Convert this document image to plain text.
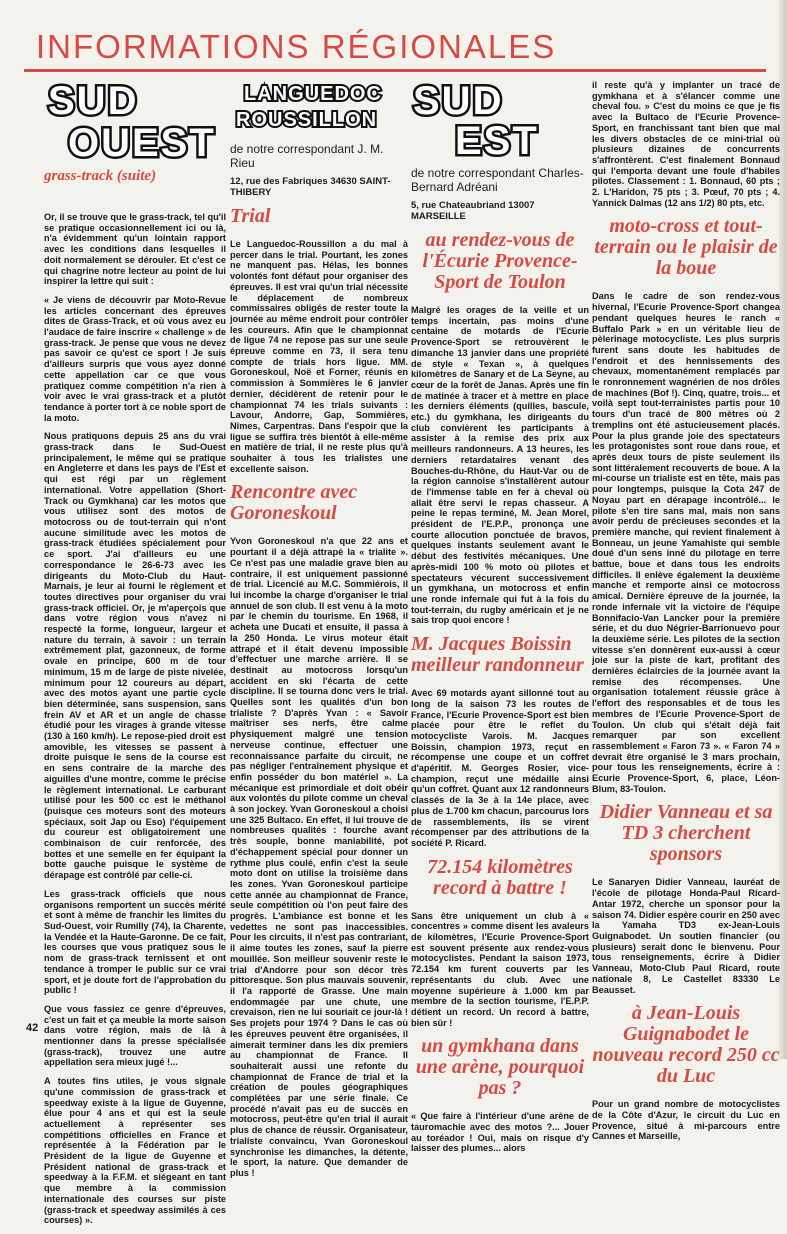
INFORMATIONS RÉGIONALES
SUD
OUEST
grass-track (suite)

Or, il se trouve que le grass-track, tel qu'il se pratique occasionnellement ici ou là, n'a évidemment qu'un lointain rapport avec les conditions dans lesquelles il doit normalement se dérouler. Et c'est ce qui chagrine notre lecteur au point de lui inspirer la lettre qui suit :

« Je viens de découvrir par Moto-Revue les articles concernant des épreuves dites de Grass-Track, et où vous avez eu l'audace de faire inscrire « challenge » de grass-track. Je pense que vous ne devez pas savoir ce qu'est ce sport ! Je suis d'ailleurs surpris que vous ayez donné cette appellation car ce que vous pratiquez comme compétition n'a rien à voir avec le vrai grass-track et a plutôt tendance à porter tort à ce noble sport de la moto.

Nous pratiquons depuis 25 ans du vrai grass-track dans le Sud-Ouest principalement, le même qui se pratique en Angleterre et dans les pays de l'Est et qui est régi par un règlement international. Votre appellation (Short-Track ou Gymkhana) car les motos que vous utilisez sont des motos de motocross ou de tout-terrain qui n'ont aucune similitude avec les motos de grass-track étudiées spécialement pour ce sport. J'ai d'ailleurs eu une correspondance le 26-6-73 avec les dirigeants du Moto-Club du Haut-Marnais, je leur ai fourni le règlement et toutes directives pour organiser du vrai grass-track officiel. Or, je m'aperçois que dans votre région vous n'avez ni respecté la forme, longueur, largeur et nature du terrain, à savoir : un terrain extrêmement plat, gazonneux, de forme ovale en principe, 600 m de tour minimum, 15 m de large de piste nivelée, minimum pour 12 coureurs au départ, avec des motos ayant une partie cycle bien déterminée, sans suspension, sans frein AV et AR et un angle de chasse étudié pour les virages à grande vitesse (130 à 160 km/h). Le repose-pied droit est amovible, les vitesses se passent à droite puisque le sens de la course est en sens contraire de la marche des aiguilles d'une montre, comme le précise le règlement international. Le carburant utilisé pour les 500 cc est le méthanol (puisque ces moteurs sont des moteurs spéciaux, soit Jap ou Eso) l'équipement du coureur est obligatoirement une combinaison de cuir renforcée, des bottes et une semelle en fer équipant la botte gauche puisque le système de dérapage est contrôlé par celle-ci.

Les grass-track officiels que nous organisons remportent un succès mérité et sont à même de franchir les limites du Sud-Ouest, voir Rumilly (74), la Charente, la Vendée et la Haute-Garonne. De ce fait, les courses que vous pratiquez sous le nom de grass-track ternissent et ont tendance à tromper le public sur ce vrai sport, et je doute fort de l'approbation du public !

Que vous fassiez ce genre d'épreuves, c'est un fait et ça meuble la morte saison dans votre région, mais de là à mentionner dans la presse spécialisée (grass-track), trouvez une autre appellation sera mieux jugé !...

A toutes fins utiles, je vous signale qu'une commission de grass-track et speedway existe à la ligue de Guyenne, élue pour 4 ans et qui est la seule actuellement à représenter ses compétitions officielles en France et représentée à la Fédération par le Président de la ligue de Guyenne et Président national de grass-track et speedway à la F.F.M. et siégeant en tant que membre à la commission internationale des courses sur piste (grass-track et speedway assimilés à ces courses) ».

LANGUEDOC
ROUSSILLON
de notre correspondant J. M. Rieu
12, rue des Fabriques 34630 SAINT-THIBERY
Trial

Le Languedoc-Roussillon a du mal à percer dans le trial. Pourtant, les zones ne manquent pas. Hélas, les bonnes volontés font défaut pour organiser des épreuves. Il est vrai qu'un trial nécessite le déplacement de nombreux commissaires obligés de rester toute la journée au même endroit pour contrôler les coureurs. Afin que le championnat de ligue 74 ne repose pas sur une seule épreuve comme en 73, il sera tenu compte de trials hors ligue. MM. Goroneskoul, Noë et Forner, réunis en commission à Sommières le 6 janvier dernier, décidèrent de retenir pour le championnat 74 les trials suivants : Lavour, Andorre, Gap, Sommières, Nîmes, Carpentras. Dans l'espoir que la ligue se suffira très bientôt à elle-même en matière de trial, il ne reste plus qu'à souhaiter à tous les trialistes une excellente saison.

Rencontre avec Goroneskoul

Yvon Goroneskoul n'a que 22 ans et pourtant il a déjà attrapé la « trialite ». Ce n'est pas une maladie grave bien au contraire, il est uniquement passionné de trial. Licencié au M.C. Sommiérois, il lui incombe la charge d'organiser le trial annuel de son club. Il est venu à la moto par le chemin du tourisme. En 1968, il acheta une Ducati et ensuite, il passa à la 250 Honda. Le virus moteur était attrapé et il était devenu impossible d'effectuer une marche arrière. Il se destinait au motocross lorsqu'un accident en ski l'écarta de cette discipline. Il se tourna donc vers le trial. Quelles sont les qualités d'un bon trialiste ? D'après Yvan : « Savoir maîtriser ses nerfs, être calme physiquement malgré une tension nerveuse continue, effectuer une reconnaissance parfaite du circuit, ne pas négliger l'entraînement physique et enfin posséder du bon matériel ». La mécanique est primordiale et doit obéir aux volontés du pilote comme un cheval à son jockey. Yvan Goroneskoul a choisi une 325 Bultaco. En effet, il lui trouve de nombreuses qualités : fourche avant très souple, bonne maniabilité, pot d'échappement spécial pour donner un rythme plus coulé, enfin c'est la seule moto dont on utilise la troisième dans les zones. Yvan Goroneskoul participe cette année au championnat de France, seule compétition où l'on peut faire des progrès. L'ambiance est bonne et les vedettes ne sont pas inaccessibles. Pour les circuits, il n'est pas contrariant, il aime toutes les zones, sauf la pierre mouillée. Son meilleur souvenir reste le trial d'Andorre pour son décor très pittoresque. Son plus mauvais souvenir, il l'a rapporté de Grasse. Une main endommagée par une chute, une crevaison, rien ne lui souriait ce jour-là ! Ses projets pour 1974 ? Dans le cas où les épreuves peuvent être organisées, il aimerait terminer dans les dix premiers au championnat de France. Il souhaiterait aussi une refonte du championnat de France de trial et la création de poules géographiques complétées par une série finale. Ce procédé n'avait pas eu de succès en motocross, peut-être qu'en trial il aurait plus de chance de réussir. Organisateur, trialiste convaincu, Yvan Goroneskoul synchronise les dimanches, la détente, le sport, la nature. Que demander de plus !

SUD
EST
de notre correspondant Charles-Bernard Adréani
5, rue Chateaubriand 13007 MARSEILLE
au rendez-vous de l'Écurie Provence-Sport de Toulon

Malgré les orages de la veille et un temps incertain, pas moins d'une centaine de motards de l'Ecurie Provence-Sport se retrouvèrent le dimanche 13 janvier dans une propriété de style « Texan », à quelques kilomètres de Sanary et de La Seyne, au cœur de la forêt de Janas. Après une fin de matinée à tracer et à mettre en place les derniers éléments (quilles, bascule, etc.) du gymkhana, les dirigeants du club convièrent les participants à assister à la remise des prix aux meilleurs randonneurs. A 13 heures, les derniers retardataires venant des Bouches-du-Rhône, du Haut-Var ou de la région cannoise s'installèrent autour de l'immense table en fer à cheval où allait être servi le repas chasseur. A peine le repas terminé, M. Jean Morel, président de l'E.P.P., prononça une courte allocution ponctuée de bravos, quelques instants seulement avant le début des festivités mécaniques. Une après-midi 100 % moto où pilotes et spectateurs vécurent successivement un gymkhana, un motocross et enfin une ronde infernale qui fut à la fois du tout-terrain, du rugby américain et je ne sais trop quoi encore !

M. Jacques Boissin meilleur randonneur

Avec 69 motards ayant sillonné tout au long de la saison 73 les routes de France, l'Ecurie Provence-Sport est bien placée pour être le reflet du motocycliste Varois. M. Jacques Boissin, champion 1973, reçut en récompense une coupe et un coffret d'apéritif. M. Georges Rosier, vice-champion, reçut une médaille ainsi qu'un coffret. Quant aux 12 randonneurs classés de la 3e à la 14e place, avec plus de 1.700 km chacun, parcourus lors de rassemblements, ils se virent récompenser par des attributions de la société P. Ricard.

72.154 kilomètres record à battre !

Sans être uniquement un club à « concentres » comme disent les avaleurs de kilomètres, l'Ecurie Provence-Sport est souvent présente aux rendez-vous motocyclistes. Pendant la saison 1973, 72.154 km furent couverts par les représentants du club. Avec une moyenne supérieure à 1.000 km par membre de la section tourisme, l'E.P.P. détient un record. Un record à battre, bien sûr !

un gymkhana dans une arène, pourquoi pas ?

« Que faire à l'intérieur d'une arène de tauromachie avec des motos ?... Jouer au toréador ! Oui, mais on risque d'y laisser des plumes... alors

il reste qu'à y implanter un tracé de gymkhana et à s'élancer comme une cheval fou. » C'est du moins ce que je fis avec la Bultaco de l'Ecurie Provence-Sport, en franchissant tant bien que mal les divers obstacles de ce mini-trial où plusieurs dizaines de concurrents s'affrontèrent. C'est finalement Bonnaud qui l'emporta devant une foule d'habiles pilotes. Classement : 1. Bonnaud, 60 pts ; 2. L'Haridon, 75 pts ; 3. Pœuf, 70 pts ; 4. Yannick Dalmas (12 ans 1/2) 80 pts, etc.

moto-cross et tout-terrain ou le plaisir de la boue

Dans le cadre de son rendez-vous hivernal, l'Ecurie Provence-Sport changea pendant quelques heures le ranch « Buffalo Park » en un véritable lieu de pèlerinage motocycliste. Les plus surpris furent sans doute les habitudes de l'endroit et des hennissements des chevaux, momentanément remplacés par le ronronnement wagnérien de nos drôles de machines (Bof !). Cinq, quatre, trois... et voilà sept tout-terrainistes partis pour 10 tours d'un tracé de 800 mètres où 2 tremplins ont été astucieusement placés. Pour la plus grande joie des spectateurs les protagonistes sont roue dans roue, et après deux tours de piste seulement ils sont littéralement recouverts de boue. A la mi-course un trialiste est en tête, mais pas pour longtemps, puisque la Cota 247 de Noyau part en dérapage incontrôlé... le pilote s'en tire sans mal, mais non sans avoir perdu de précieuses secondes et la première manche, qui revient finalement à Bonneau, un jeune Yamahiste qui semble doué d'un sens inné du pilotage en terre battue, boue et dans tous les endroits difficiles. Il enlève également la deuxième manche et remporte ainsi ce motocross amical. Dernière épreuve de la journée, la ronde infernale vit la victoire de l'équipe Bonnifacio-Van Lancker pour la première série, et du duo Négrier-Barrionuevo pour la deuxième série. Les pilotes de la section vitesse s'en donnèrent eux-aussi à cœur joie sur la piste de kart, profitant des dernières éclaircies de la journée avant la remise des récompenses. Une organisation totalement réussie grâce à l'effort des responsables et de tous les membres de l'Ecurie Provence-Sport de Toulon. Un club qui s'était déjà fait remarquer par son excellent rassemblement « Faron 73 ». « Faron 74 » devrait être organisé le 3 mars prochain, pour tous les renseignements, écrire à : Ecurie Provence-Sport, 6, place, Léon-Blum, 83-Toulon.

Didier Vanneau et sa TD 3 cherchent sponsors

Le Sanaryen Didier Vanneau, lauréat de l'école de pilotage Honda-Paul Ricard-Antar 1972, cherche un sponsor pour la saison 74. Didier espère courir en 250 avec la Yamaha TD3 ex-Jean-Louis Guignabodet. Un soutien financier (ou plusieurs) serait donc le bienvenu. Pour tous renseignements, écrire à Didier Vanneau, Moto-Club Paul Ricard, route nationale 8, Le Castellet 83330 Le Beausset.

à Jean-Louis Guignabodet le nouveau record 250 cc du Luc

Pour un grand nombre de motocyclistes de la Côte d'Azur, le circuit du Luc en Provence, situé à mi-parcours entre Cannes et Marseille,

42
